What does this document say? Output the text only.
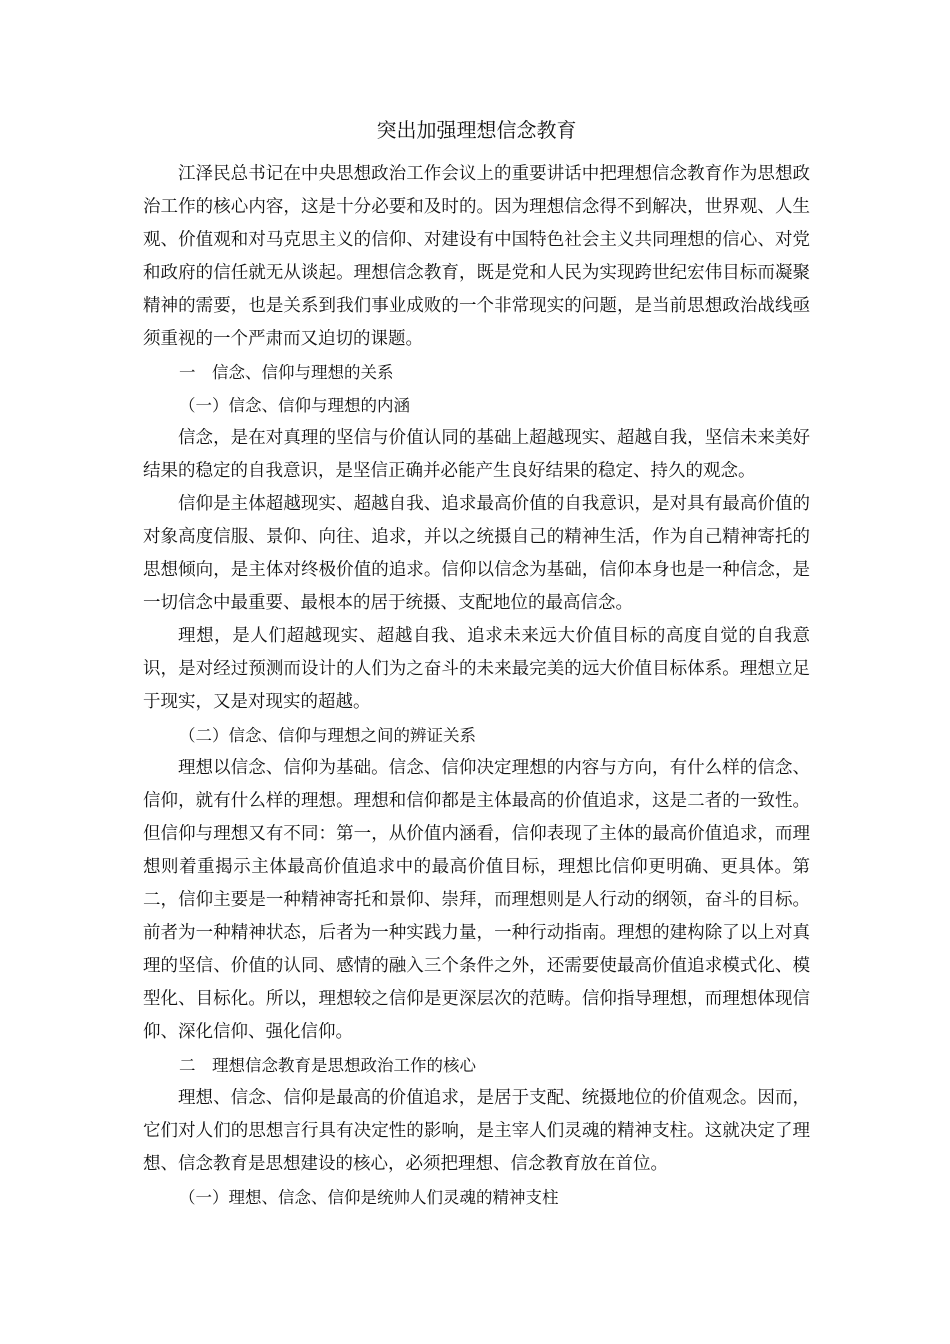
突出加强理想信念教育

江泽民总书记在中央思想政治工作会议上的重要讲话中把理想信念教育作为思想政治工作的核心内容，这是十分必要和及时的。因为理想信念得不到解决，世界观、人生观、价值观和对马克思主义的信仰、对建设有中国特色社会主义共同理想的信心、对党和政府的信任就无从谈起。理想信念教育，既是党和人民为实现跨世纪宏伟目标而凝聚精神的需要，也是关系到我们事业成败的一个非常现实的问题，是当前思想政治战线亟须重视的一个严肃而又迫切的课题。

一　信念、信仰与理想的关系
（一）信念、信仰与理想的内涵

信念，是在对真理的坚信与价值认同的基础上超越现实、超越自我，坚信未来美好结果的稳定的自我意识，是坚信正确并必能产生良好结果的稳定、持久的观念。

信仰是主体超越现实、超越自我、追求最高价值的自我意识，是对具有最高价值的对象高度信服、景仰、向往、追求，并以之统摄自己的精神生活，作为自己精神寄托的思想倾向，是主体对终极价值的追求。信仰以信念为基础，信仰本身也是一种信念，是一切信念中最重要、最根本的居于统摄、支配地位的最高信念。

理想，是人们超越现实、超越自我、追求未来远大价值目标的高度自觉的自我意识，是对经过预测而设计的人们为之奋斗的未来最完美的远大价值目标体系。理想立足于现实，又是对现实的超越。

（二）信念、信仰与理想之间的辨证关系

理想以信念、信仰为基础。信念、信仰决定理想的内容与方向，有什么样的信念、信仰，就有什么样的理想。理想和信仰都是主体最高的价值追求，这是二者的一致性。但信仰与理想又有不同：第一，从价值内涵看，信仰表现了主体的最高价值追求，而理想则着重揭示主体最高价值追求中的最高价值目标，理想比信仰更明确、更具体。第二，信仰主要是一种精神寄托和景仰、崇拜，而理想则是人行动的纲领，奋斗的目标。前者为一种精神状态，后者为一种实践力量，一种行动指南。理想的建构除了以上对真理的坚信、价值的认同、感情的融入三个条件之外，还需要使最高价值追求模式化、模型化、目标化。所以，理想较之信仰是更深层次的范畴。信仰指导理想，而理想体现信仰、深化信仰、强化信仰。

二　理想信念教育是思想政治工作的核心

理想、信念、信仰是最高的价值追求，是居于支配、统摄地位的价值观念。因而，它们对人们的思想言行具有决定性的影响，是主宰人们灵魂的精神支柱。这就决定了理想、信念教育是思想建设的核心，必须把理想、信念教育放在首位。

（一）理想、信念、信仰是统帅人们灵魂的精神支柱
